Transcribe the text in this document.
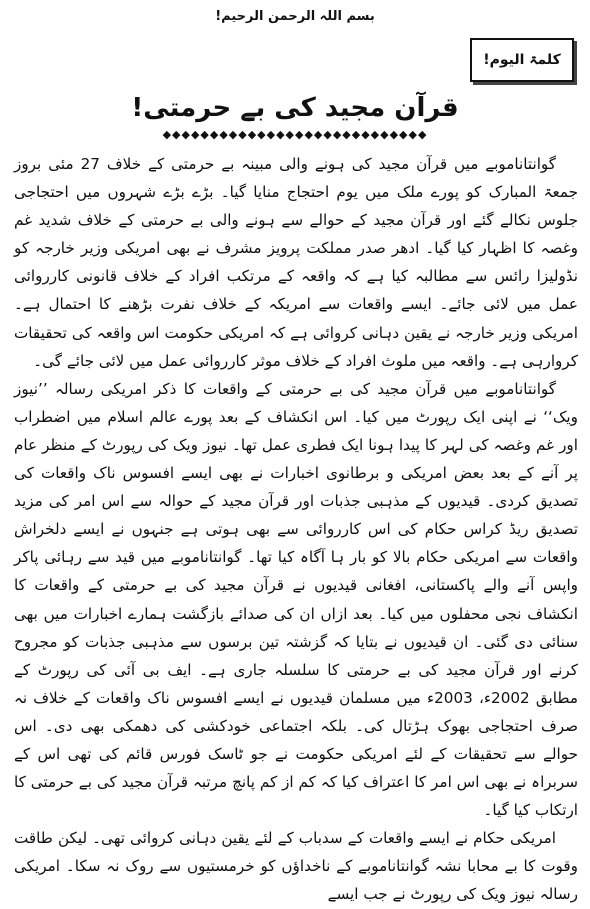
بسم اللہ الرحمن الرحیم!
کلمۃ الیوم!
قرآن مجید کی بے حرمتی!
◆◆◆◆◆◆◆◆◆◆◆◆◆◆◆◆◆◆◆◆◆◆◆◆◆◆◆◆

گوانتاناموبے میں قرآن مجید کی ہونے والی مبینہ بے حرمتی کے خلاف 27 مئی بروز جمعۃ المبارک کو پورے ملک میں یوم احتجاج منایا گیا۔ بڑے بڑے شہروں میں احتجاجی جلوس نکالے گئے اور قرآن مجید کے حوالے سے ہونے والی بے حرمتی کے خلاف شدید غم وغصہ کا اظہار کیا گیا۔ ادھر صدر مملکت پرویز مشرف نے بھی امریکی وزیر خارجہ کو نڈولیزا رائس سے مطالبہ کیا ہے کہ واقعہ کے مرتکب افراد کے خلاف قانونی کارروائی عمل میں لائی جائے۔ ایسے واقعات سے امریکہ کے خلاف نفرت بڑھنے کا احتمال ہے۔ امریکی وزیر خارجہ نے یقین دہانی کروائی ہے کہ امریکی حکومت اس واقعہ کی تحقیقات کروارہی ہے۔ واقعہ میں ملوث افراد کے خلاف موثر کارروائی عمل میں لائی جائے گی۔

گوانتاناموبے میں قرآن مجید کی بے حرمتی کے واقعات کا ذکر امریکی رسالہ ’’نیوز ویک‘‘ نے اپنی ایک رپورٹ میں کیا۔ اس انکشاف کے بعد پورے عالم اسلام میں اضطراب اور غم وغصہ کی لہر کا پیدا ہونا ایک فطری عمل تھا۔ نیوز ویک کی رپورٹ کے منظر عام پر آنے کے بعد بعض امریکی و برطانوی اخبارات نے بھی ایسے افسوس ناک واقعات کی تصدیق کردی۔ قیدیوں کے مذہبی جذبات اور قرآن مجید کے حوالہ سے اس امر کی مزید تصدیق ریڈ کراس حکام کی اس کارروائی سے بھی ہوتی ہے جنہوں نے ایسے دلخراش واقعات سے امریکی حکام بالا کو بار ہا آگاہ کیا تھا۔ گوانتاناموبے میں قید سے رہائی پاکر واپس آنے والے پاکستانی، افغانی قیدیوں نے قرآن مجید کی بے حرمتی کے واقعات کا انکشاف نجی محفلوں میں کیا۔ بعد ازاں ان کی صدائے بازگشت ہمارے اخبارات میں بھی سنائی دی گئی۔ ان قیدیوں نے بتایا کہ گزشتہ تین برسوں سے مذہبی جذبات کو مجروح کرنے اور قرآن مجید کی بے حرمتی کا سلسلہ جاری ہے۔ ایف بی آئی کی رپورٹ کے مطابق 2002ء، 2003ء میں مسلمان قیدیوں نے ایسے افسوس ناک واقعات کے خلاف نہ صرف احتجاجی بھوک ہڑتال کی۔ بلکہ اجتماعی خودکشی کی دھمکی بھی دی۔ اس حوالے سے تحقیقات کے لئے امریکی حکومت نے جو ٹاسک فورس قائم کی تھی اس کے سربراہ نے بھی اس امر کا اعتراف کیا کہ کم از کم پانچ مرتبہ قرآن مجید کی بے حرمتی کا ارتکاب کیا گیا۔

امریکی حکام نے ایسے واقعات کے سدباب کے لئے یقین دہانی کروائی تھی۔ لیکن طاقت وقوت کا بے محابا نشہ گوانتاناموبے کے ناخداؤں کو خرمستیوں سے روک نہ سکا۔ امریکی رسالہ نیوز ویک کی رپورٹ نے جب ایسے
